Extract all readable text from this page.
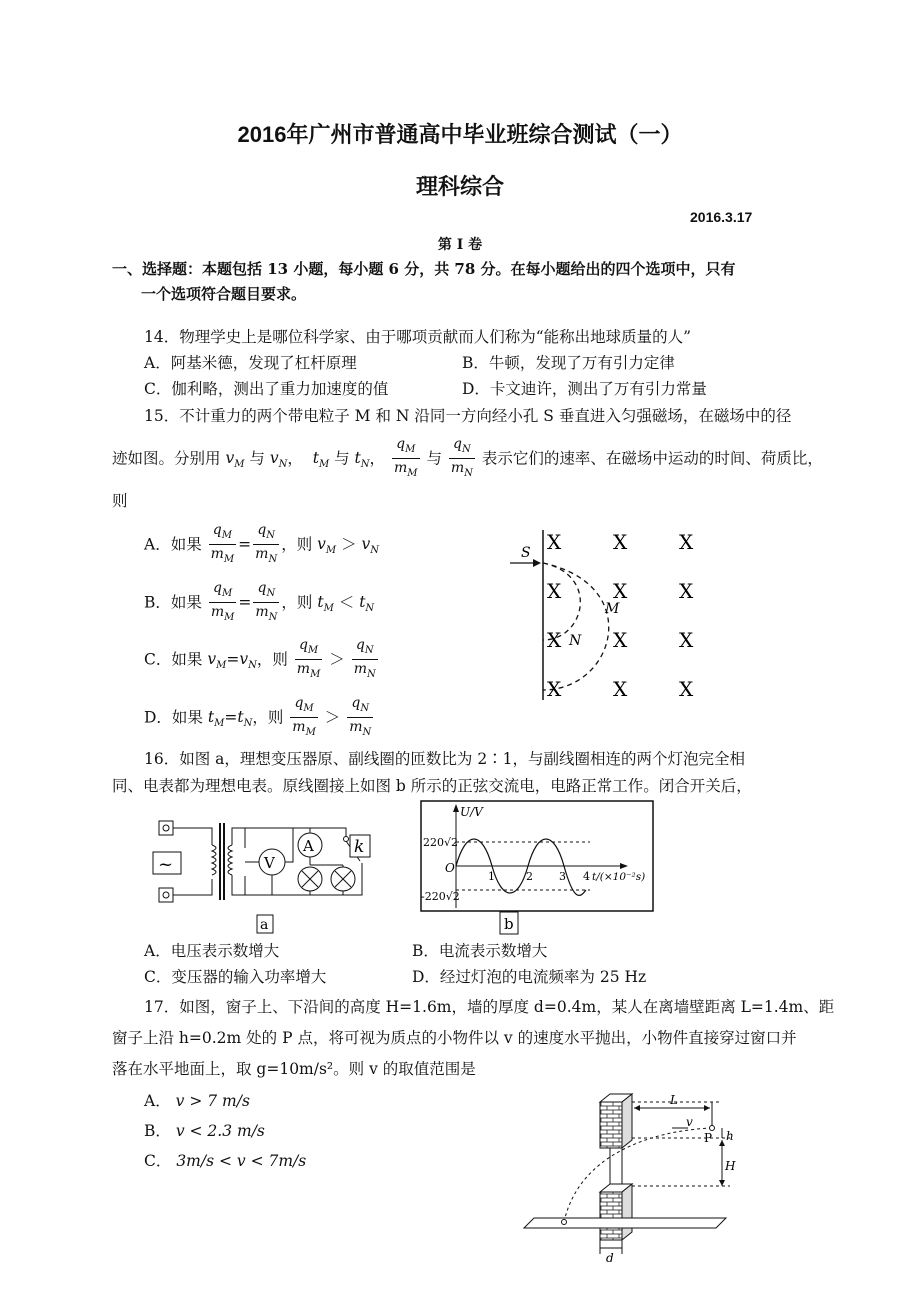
2016年广州市普通高中毕业班综合测试（一）
理科综合
2016.3.17
第 I 卷
一、选择题：本题包括 13 小题，每小题 6 分，共 78 分。在每小题给出的四个选项中，只有
一个选项符合题目要求。
14．物理学史上是哪位科学家、由于哪项贡献而人们称为“能称出地球质量的人”
A．阿基米德，发现了杠杆原理	B．牛顿，发现了万有引力定律
C．伽利略，测出了重力加速度的值	D．卡文迪许，测出了万有引力常量
15．不计重力的两个带电粒子 M 和 N 沿同一方向经小孔 S 垂直进入匀强磁场，在磁场中的径
迹如图。分别用 $v_M$ 与 $v_N$，  $t_M$ 与 $t_N$， $\frac{q_M}{m_M}$ 与 $\frac{q_N}{m_N}$ 表示它们的速率、在磁场中运动的时间、荷质比，
则
A．如果 $\frac{q_M}{m_M} = \frac{q_N}{m_N}$ ，则 $v_M > v_N$
B．如果 $\frac{q_M}{m_M} = \frac{q_N}{m_N}$ ，则 $t_M < t_N$
C．如果 $v_M=v_N$，则 $\frac{q_M}{m_M} > \frac{q_N}{m_N}$
D．如果 $t_M=t_N$，则 $\frac{q_M}{m_M} > \frac{q_N}{m_N}$
S
M
N
X	X	X
X	X	X
X	X	X
X	X	X
16．如图 a，理想变压器原、副线圈的匝数比为 2∶1，与副线圈相连的两个灯泡完全相
同、电表都为理想电表。原线圈接上如图 b 所示的正弦交流电，电路正常工作。闭合开关后，
~	V
A k
a
U/V
220√2
-220√2
O
1	2 3 4 t/(×10⁻²s)
b
A．电压表示数增大	B．电流表示数增大
C．变压器的输入功率增大	D．经过灯泡的电流频率为 25 Hz
17．如图，窗子上、下沿间的高度 H=1.6m，墙的厚度 d=0.4m，某人在离墙壁距离 L=1.4m、距
窗子上沿 h=0.2m 处的 P 点，将可视为质点的小物件以 v 的速度水平抛出，小物件直接穿过窗口并
落在水平地面上，取 g=10m/s²。则 v 的取值范围是
A． v > 7 m/s
B． v < 2.3 m/s
C． 3m/s < v < 7m/s
L
v
P h
H
d
